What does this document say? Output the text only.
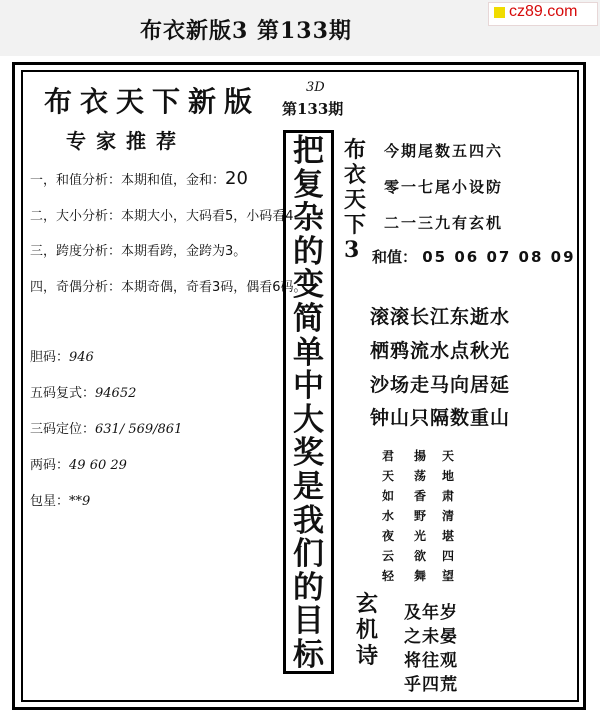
布衣新版3 第133期
cz89.com
布衣天下新版
专家推荐
一，和值分析：本期和值，金和：20
二，大小分析：本期大小，大码看5，小码看4
三，跨度分析：本期看跨，金跨为3。
四，奇偶分析：本期奇偶，奇看3码，偶看6码。
胆码：946
五码复式：94652
三码定位：631/ 569/861
两码：49 60 29
包星：**9
3D
第133期
把
复
杂
的
变
简
单
中
大
奖
是
我
们
的
目
标
布
衣
天
下
3
今期尾数五四六
零一七尾小设防
二一三九有玄机
和值： 05 06 07 08 09
滚滚长江东逝水
栖鸦流水点秋光
沙场走马向居延
钟山只隔数重山
君
天
如
水
夜
云
轻
揚
荡
香
野
光
欲
舞
天
地
肃
清
堪
四
望
玄
机
诗
及年岁
之未晏
将往观
乎四荒
